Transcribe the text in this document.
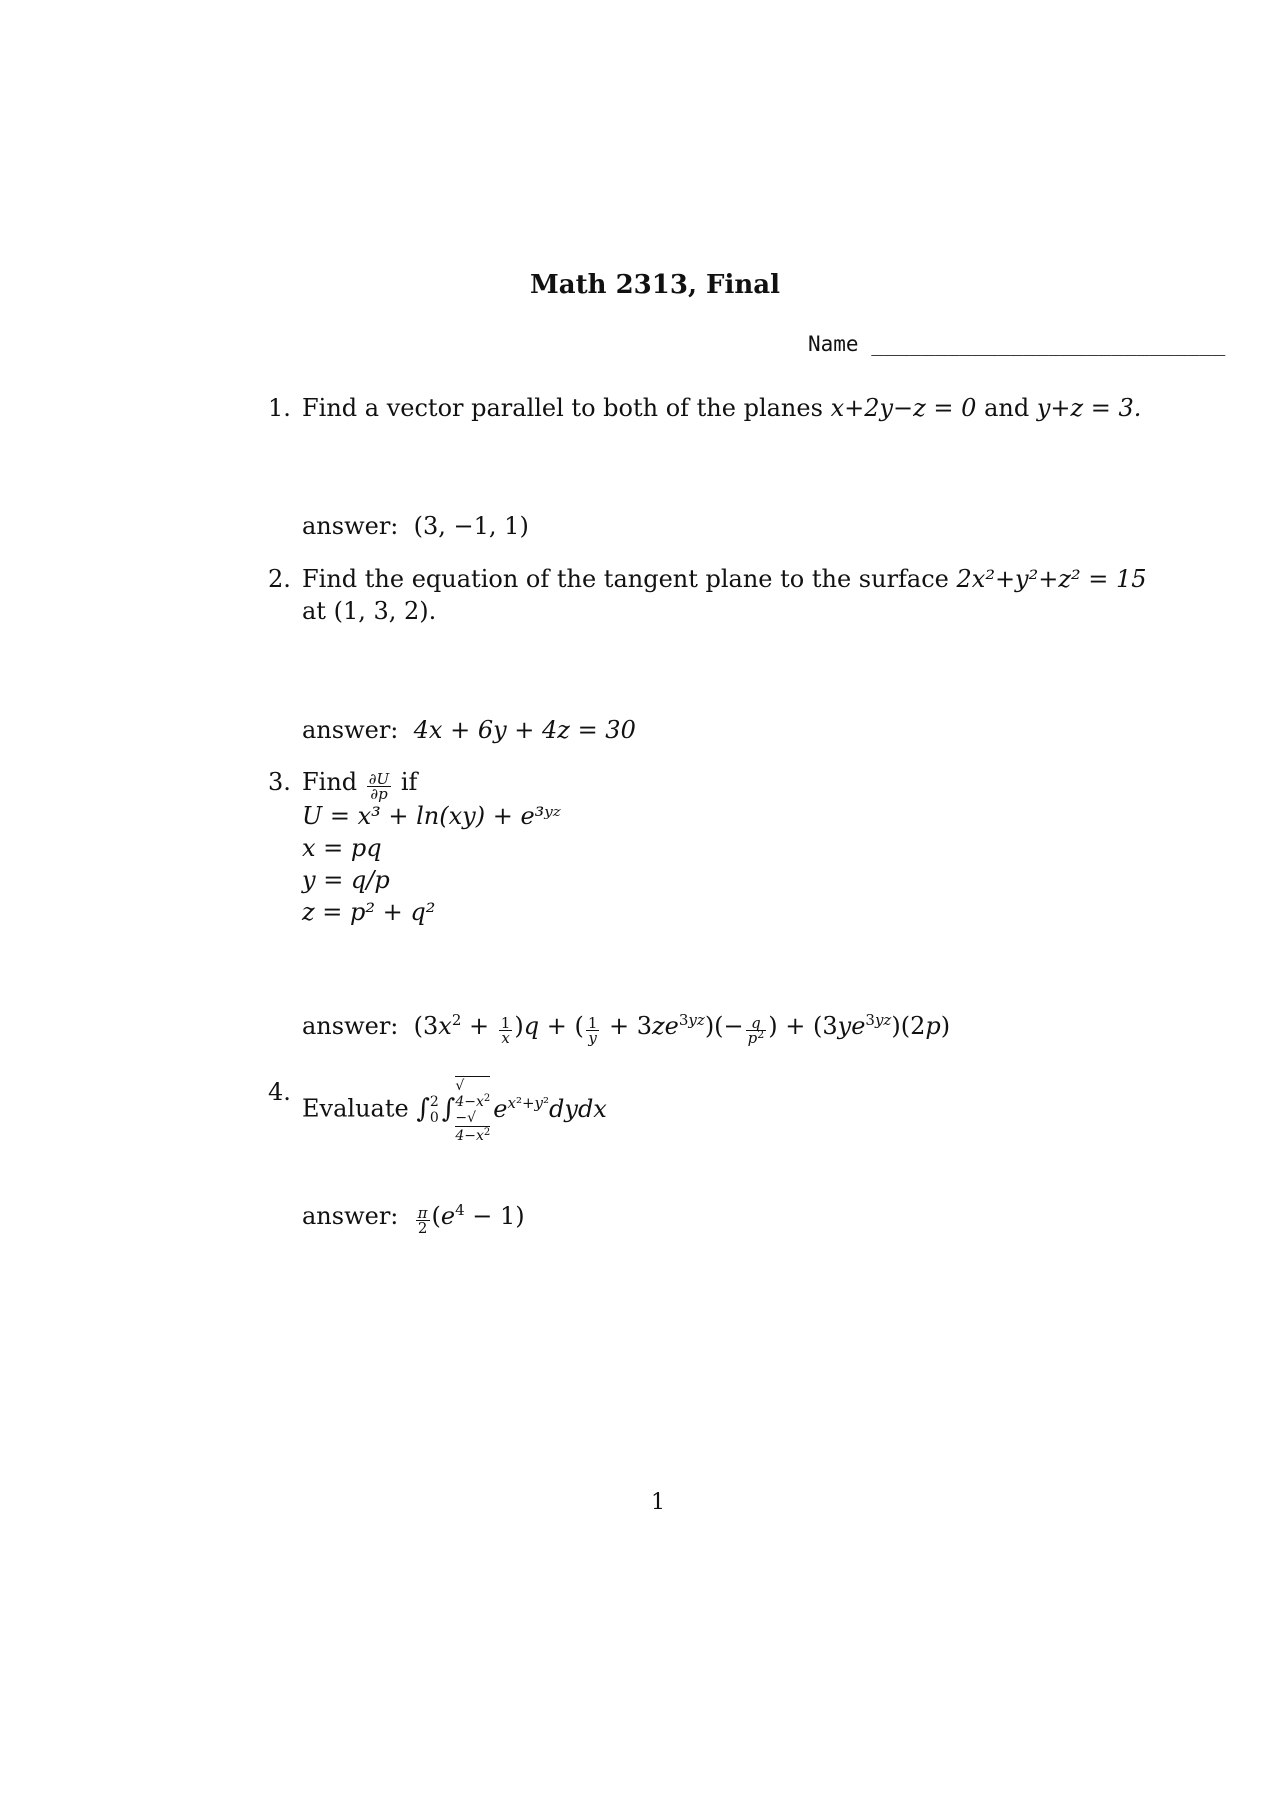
Math 2313, Final
Name ____________________________
1. Find a vector parallel to both of the planes x+2y−z = 0 and y+z = 3.
answer: (3, −1, 1)
2. Find the equation of the tangent plane to the surface 2x²+y²+z² = 15
at (1, 3, 2).
answer: 4x + 6y + 4z = 30
3. Find $\frac{\partial U}{\partial p}$ if
U = x³ + ln(xy) + e³ʸᶻ
x = pq
y = q/p
z = p² + q²
answer: $(3x^2 + \frac{1}{x} )q$ + ( $\frac{1}{y} + 3ze^{3yz})(- \frac{q}{p^2}$ ) + $(3ye^{3yz})(2p)$
4.
Evaluate ∫ 2
0 ∫
√
$4-x^2$
−√
$4-x^2$
$e^{x^2+y^2}dydx$
answer: $\frac{\pi}{2} (e^4 - 1)$
1
